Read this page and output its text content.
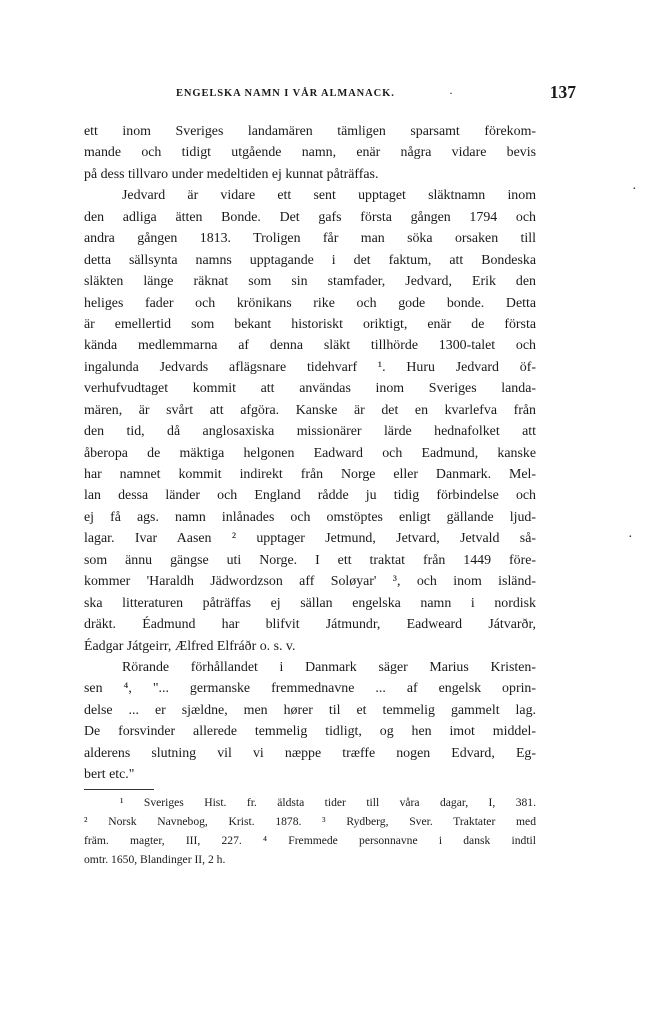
ENGELSKA NAMN I VÅR ALMANACK.	·	137
ett inom Sveriges landamären tämligen sparsamt förekom-
mande och tidigt utgående namn, enär några vidare bevis
på dess tillvaro under medeltiden ej kunnat påträffas.
Jedvard är vidare ett sent upptaget släktnamn inom
den adliga ätten Bonde. Det gafs första gången 1794 och
andra gången 1813. Troligen får man söka orsaken till
detta sällsynta namns upptagande i det faktum, att Bondeska
släkten länge räknat som sin stamfader, Jedvard, Erik den
heliges fader och krönikans rike och gode bonde. Detta
är emellertid som bekant historiskt oriktigt, enär de första
kända medlemmarna af denna släkt tillhörde 1300-talet och
ingalunda Jedvards aflägsnare tidehvarf ¹. Huru Jedvard öf-
verhufvudtaget kommit att användas inom Sveriges landa-
mären, är svårt att afgöra. Kanske är det en kvarlefva från
den tid, då anglosaxiska missionärer lärde hednafolket att
åberopa de mäktiga helgonen Eadward och Eadmund, kanske
har namnet kommit indirekt från Norge eller Danmark. Mel-
lan dessa länder och England rådde ju tidig förbindelse och
ej få ags. namn inlånades och omstöptes enligt gällande ljud-
lagar. Ivar Aasen ² upptager Jetmund, Jetvard, Jetvald så-
som ännu gängse uti Norge. I ett traktat från 1449 före-
kommer 'Haraldh Jädwordzson aff Soløyar' ³, och inom isländ-
ska litteraturen påträffas ej sällan engelska namn i nordisk
dräkt. Éadmund har blifvit Játmundr, Eadweard Játvarðr,
Éadgar Játgeirr, Ælfred Elfráðr o. s. v.
Rörande förhållandet i Danmark säger Marius Kristen-
sen ⁴, "... germanske fremmednavne ... af engelsk oprin-
delse ... er sjældne, men hører til et temmelig gammelt lag.
De forsvinder allerede temmelig tidligt, og hen imot middel-
alderens slutning vil vi næppe træffe nogen Edvard, Eg-
bert etc."
¹ Sveriges Hist. fr. äldsta tider till våra dagar, I, 381.
² Norsk Navnebog, Krist. 1878. ³ Rydberg, Sver. Traktater med
främ. magter, III, 227. ⁴ Fremmede personnavne i dansk indtil
omtr. 1650, Blandinger II, 2 h.
·
·
